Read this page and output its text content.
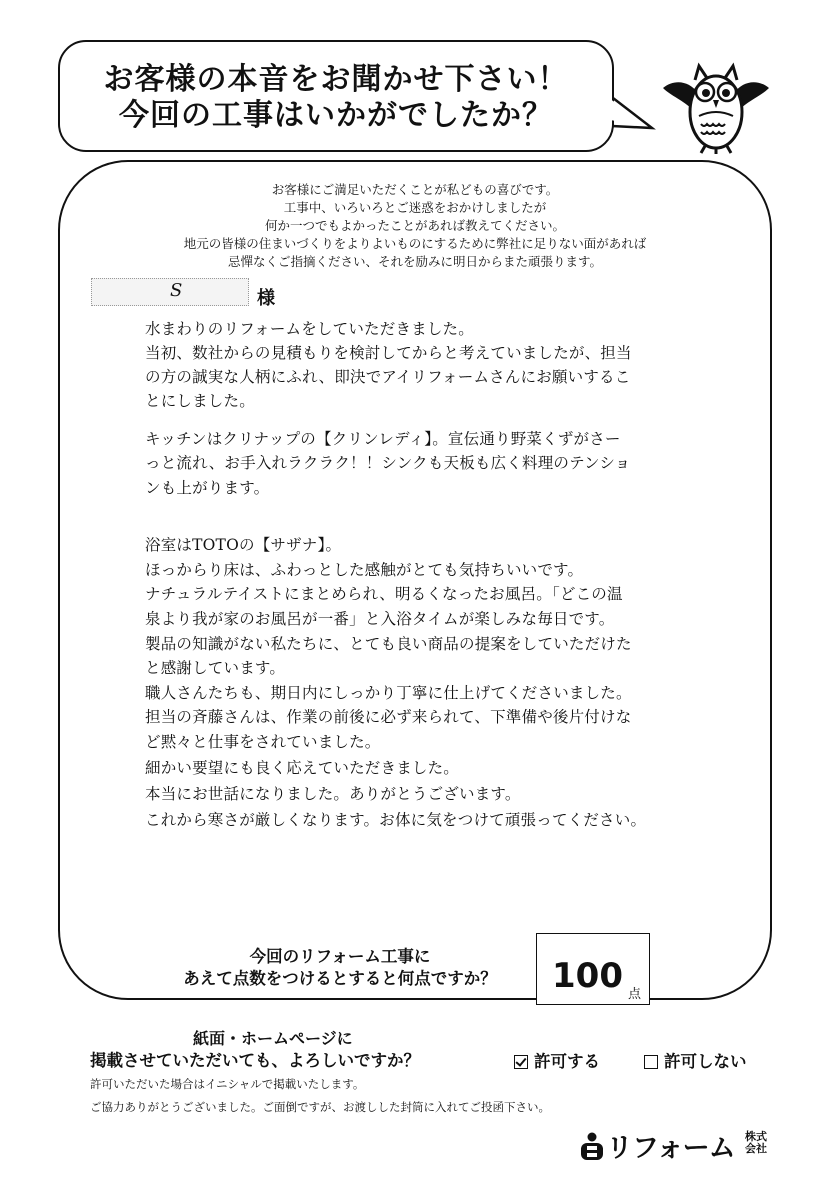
お客様の本音をお聞かせ下さい！
今回の工事はいかがでしたか？
お客様にご満足いただくことが私どもの喜びです。
工事中、いろいろとご迷惑をおかけしましたが
何か一つでもよかったことがあれば教えてください。
地元の皆様の住まいづくりをよりよいものにするために弊社に足りない面があれば
忌憚なくご指摘ください、それを励みに明日からまた頑張ります。
S	様
水まわりのリフォームをしていただきました。
当初、数社からの見積もりを検討してからと考えていましたが、担当
の方の誠実な人柄にふれ、即決でアイリフォームさんにお願いするこ
とにしました。
キッチンはクリナップの【クリンレディ】。宣伝通り野菜くずがさー
っと流れ、お手入れラクラク！！シンクも天板も広く料理のテンショ
ンも上がります。
浴室はTOTOの【サザナ】。
ほっからり床は、ふわっとした感触がとても気持ちいいです。
ナチュラルテイストにまとめられ、明るくなったお風呂。「どこの温
泉より我が家のお風呂が一番」と入浴タイムが楽しみな毎日です。
製品の知識がない私たちに、とても良い商品の提案をしていただけた
と感謝しています。
職人さんたちも、期日内にしっかり丁寧に仕上げてくださいました。
担当の斉藤さんは、作業の前後に必ず来られて、下準備や後片付けな
ど黙々と仕事をされていました。
細かい要望にも良く応えていただきました。
本当にお世話になりました。ありがとうございます。
これから寒さが厳しくなります。お体に気をつけて頑張ってください。
今回のリフォーム工事に
あえて点数をつけるとすると何点ですか？	100 点
紙面・ホームページに
掲載させていただいても、よろしいですか？	許可する	許可しない
許可いただいた場合はイニシャルで掲載いたします。
ご協力ありがとうございました。ご面倒ですが、お渡しした封筒に入れてご投函下さい。
リフォーム 株式
会社
